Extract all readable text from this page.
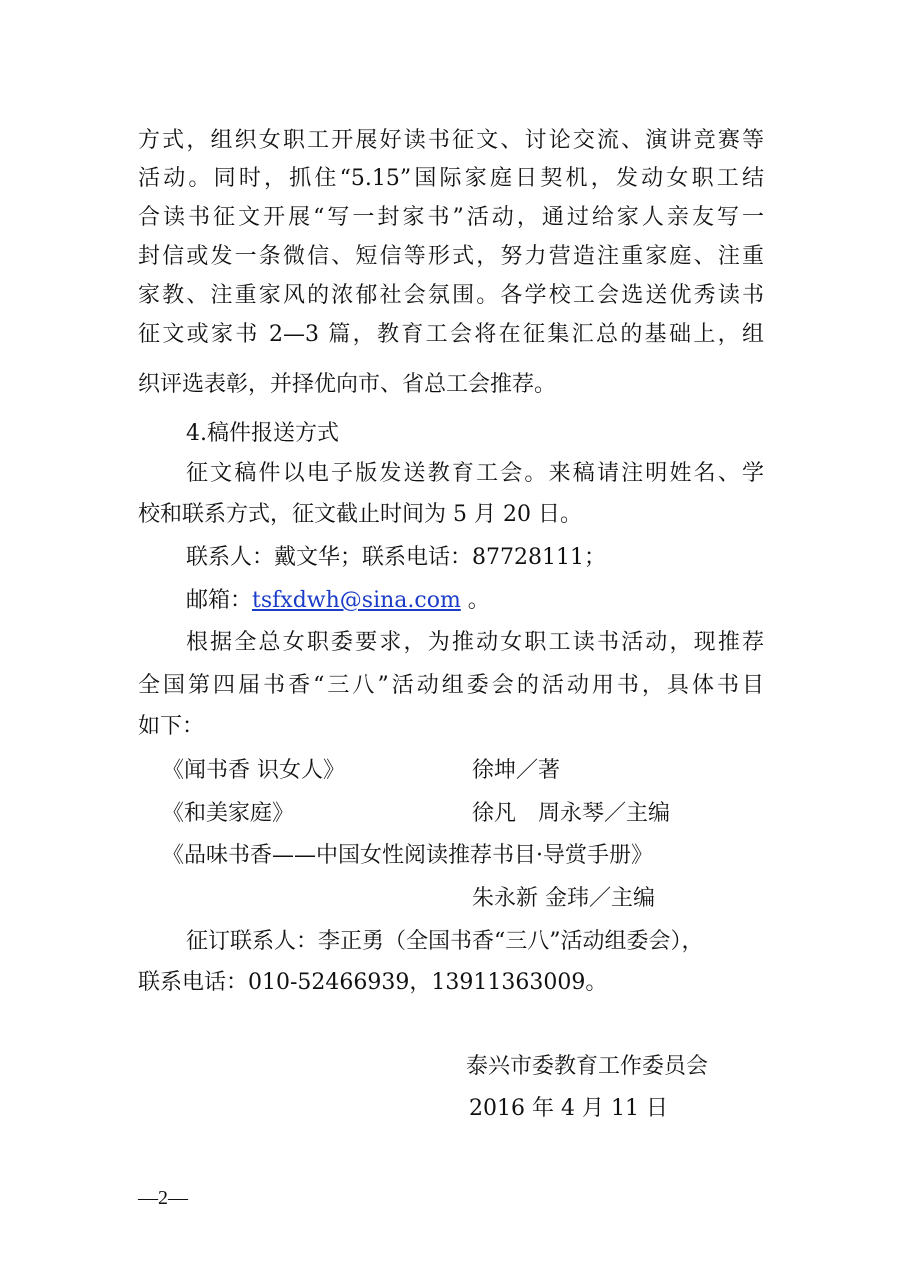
方式，组织女职工开展好读书征文、讨论交流、演讲竞赛等
活动。同时，抓住“5.15”国际家庭日契机，发动女职工结
合读书征文开展“写一封家书”活动，通过给家人亲友写一
封信或发一条微信、短信等形式，努力营造注重家庭、注重
家教、注重家风的浓郁社会氛围。各学校工会选送优秀读书
征文或家书 2—3 篇，教育工会将在征集汇总的基础上，组
织评选表彰，并择优向市、省总工会推荐。
4.稿件报送方式
征文稿件以电子版发送教育工会。来稿请注明姓名、学
校和联系方式，征文截止时间为 5 月 20 日。
联系人：戴文华；联系电话：87728111；
邮箱：tsfxdwh@sina.com 。
根据全总女职委要求，为推动女职工读书活动，现推荐
全国第四届书香“三八”活动组委会的活动用书，具体书目
如下：
《闻书香 识女人》	徐坤／著
《和美家庭》	徐凡　周永琴／主编
《品味书香——中国女性阅读推荐书目·导赏手册》
朱永新 金玮／主编
征订联系人：李正勇（全国书香“三八”活动组委会），
联系电话：010-52466939，13911363009。
泰兴市委教育工作委员会
2016 年 4 月 11 日
—2—
